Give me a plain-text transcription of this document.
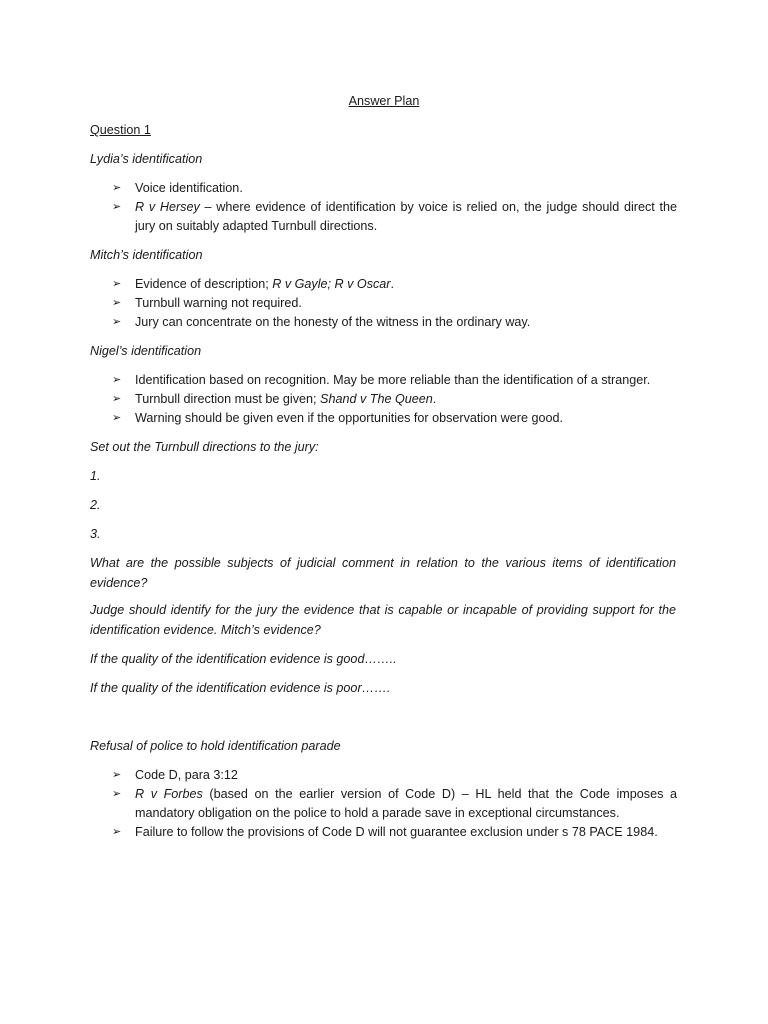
Answer Plan
Question 1
Lydia’s identification
➢ Voice identification.
➢ R v Hersey – where evidence of identification by voice is relied on, the judge should direct the jury on suitably adapted Turnbull directions.
Mitch’s identification
➢ Evidence of description; R v Gayle; R v Oscar.
➢ Turnbull warning not required.
➢ Jury can concentrate on the honesty of the witness in the ordinary way.
Nigel’s identification
➢ Identification based on recognition. May be more reliable than the identification of a stranger.
➢ Turnbull direction must be given; Shand v The Queen.
➢ Warning should be given even if the opportunities for observation were good.
Set out the Turnbull directions to the jury:
1.
2.
3.
What are the possible subjects of judicial comment in relation to the various items of identification evidence?
Judge should identify for the jury the evidence that is capable or incapable of providing support for the identification evidence. Mitch’s evidence?
If the quality of the identification evidence is good……..
If the quality of the identification evidence is poor…….
Refusal of police to hold identification parade
➢ Code D, para 3:12
➢ R v Forbes (based on the earlier version of Code D) – HL held that the Code imposes a mandatory obligation on the police to hold a parade save in exceptional circumstances.
➢ Failure to follow the provisions of Code D will not guarantee exclusion under s 78 PACE 1984.
